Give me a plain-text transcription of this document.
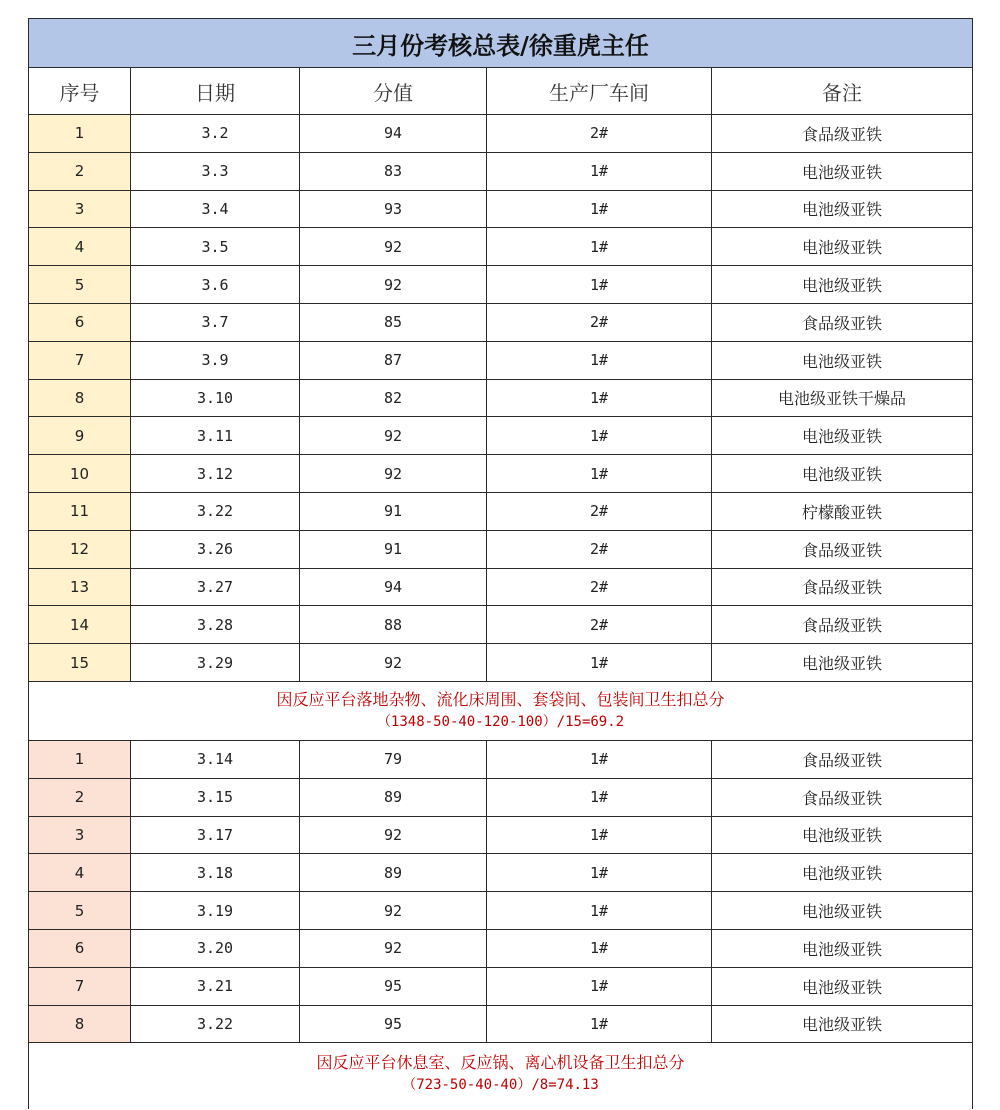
三月份考核总表/徐重虎主任				
序号	日期	分值	生产厂车间	备注
1	3.2	94	2#	食品级亚铁
2	3.3	83	1#	电池级亚铁
3	3.4	93	1#	电池级亚铁
4	3.5	92	1#	电池级亚铁
5	3.6	92	1#	电池级亚铁
6	3.7	85	2#	食品级亚铁
7	3.9	87	1#	电池级亚铁
8	3.10	82	1#	电池级亚铁干燥品
9	3.11	92	1#	电池级亚铁
10	3.12	92	1#	电池级亚铁
11	3.22	91	2#	柠檬酸亚铁
12	3.26	91	2#	食品级亚铁
13	3.27	94	2#	食品级亚铁
14	3.28	88	2#	食品级亚铁
15	3.29	92	1#	电池级亚铁

因反应平台落地杂物、流化床周围、套袋间、包装间卫生扣总分
（1348-50-40-120-100）/15=69.2				

1	3.14	79	1#	食品级亚铁
2	3.15	89	1#	食品级亚铁
3	3.17	92	1#	电池级亚铁
4	3.18	89	1#	电池级亚铁
5	3.19	92	1#	电池级亚铁
6	3.20	92	1#	电池级亚铁
7	3.21	95	1#	电池级亚铁
8	3.22	95	1#	电池级亚铁

因反应平台休息室、反应锅、离心机设备卫生扣总分
（723-50-40-40）/8=74.13				
